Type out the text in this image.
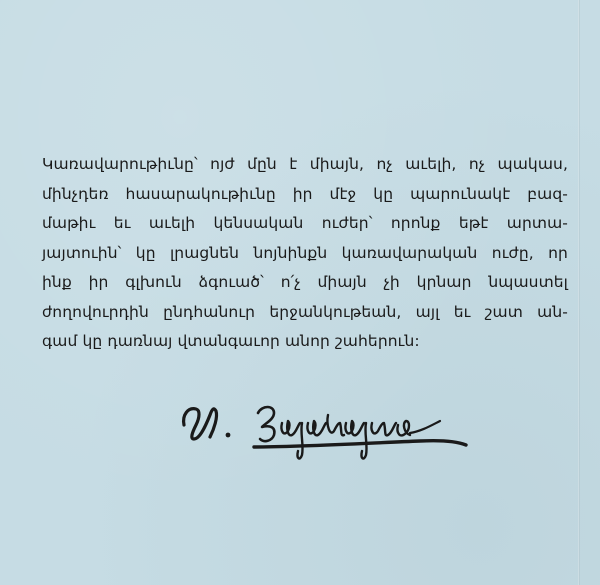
Կառավարութիւնը՝ ոյժ մըն է միայն, ոչ աւելի, ոչ պակաս,
մինչդեռ հասարակութիւնը իր մէջ կը պարունակէ բազ-
մաթիւ եւ աւելի կենսական ուժեր՝ որոնք եթէ արտա-
յայտուին՝ կը լրացնեն նոյնինքն կառավարական ուժը, որ
ինք իր գլխուն ձգուած՝ ո՛չ միայն չի կրնար նպաստել
ժողովուրդին ընդհանուր երջանկութեան, այլ եւ շատ ան-
գամ կը դառնայ վտանգաւոր անոր շահերուն:
